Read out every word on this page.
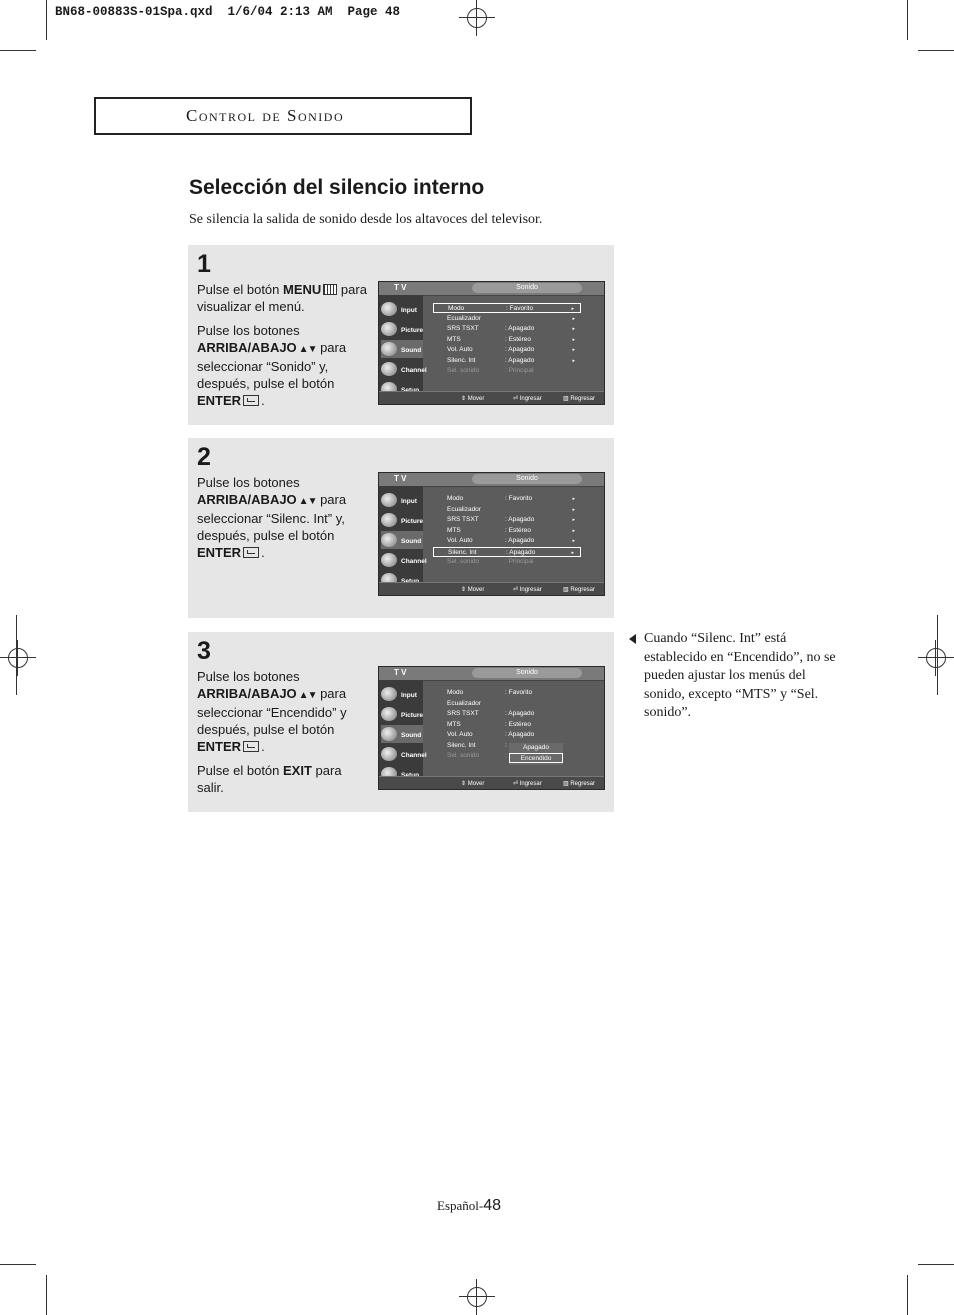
BN68-00883S-01Spa.qxd  1/6/04 2:13 AM  Page 48
Control de Sonido
Selección del silencio interno
Se silencia la salida de sonido desde los altavoces del televisor.
1

Pulse el botón MENU para visualizar el menú.

Pulse los botones ARRIBA/ABAJO ▲▼ para seleccionar “Sonido” y, después, pulse el botón ENTER .

T V	Sonido
Input
Picture
Sound
Channel
Modo	: Favorito	▸
Ecualizador	▸
SRS TSXT	: Apagado	▸
MTS	: Estéreo	▸
Vol. Auto	: Apagado	▸
Silenc. Int	: Apagado	▸
Sel. sonido	: Principal
⇕ Mover	⏎ Ingresar	▥ Regresar
2

Pulse los botones ARRIBA/ABAJO ▲▼ para seleccionar “Silenc. Int” y, después, pulse el botón ENTER .

T V	Sonido
Input
Picture
Sound
Channel
Modo	: Favorito	▸
Ecualizador	▸
SRS TSXT	: Apagado	▸
MTS	: Estéreo	▸
Vol. Auto	: Apagado	▸
Silenc. Int	: Apagado	▸
Sel. sonido	: Principal
⇕ Mover	⏎ Ingresar	▥ Regresar
3

Pulse los botones ARRIBA/ABAJO ▲▼ para seleccionar “Encendido” y después, pulse el botón ENTER .

Pulse el botón EXIT para salir.

T V	Sonido
Input
Picture
Sound
Channel
Modo	: Favorito
Ecualizador
SRS TSXT	: Apagado
MTS	: Estéreo
Vol. Auto	: Apagado
Silenc. Int	:
Sel. sonido	:
Apagado
Encendido
⇕ Mover	⏎ Ingresar	▥ Regresar
Cuando “Silenc. Int” está establecido en “Encendido”, no se pueden ajustar los menús del sonido, excepto “MTS” y “Sel. sonido”.
Español-48
